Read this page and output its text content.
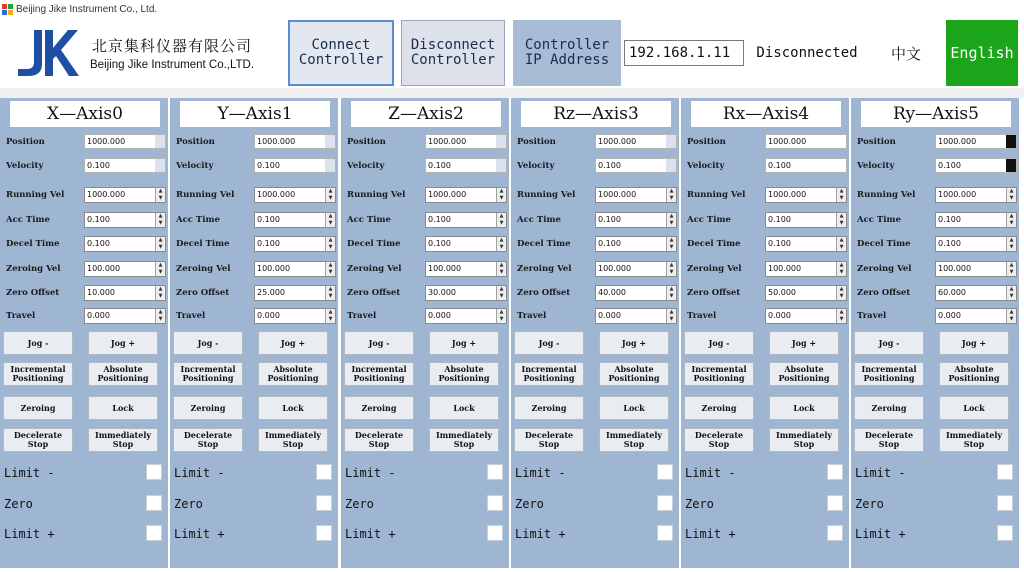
Beijing Jike Instrument Co., Ltd.
北京集科仪器有限公司
Beijing Jike Instrument Co.,LTD.
Connect
Controller
Disconnect
Controller
Controller
IP Address	192.168.1.11	Disconnected	中文	English
X—Axis0
Position	1000.000
Velocity	0.100
Running Vel	1000.000	▲
▼
Acc Time	0.100	▲
▼
Decel Time	0.100	▲
▼
Zeroing Vel	100.000	▲
▼
Zero Offset	10.000	▲
▼
Travel	0.000	▲
▼
Jog -	Jog +
Incremental
Positioning
Absolute
Positioning
Zeroing	Lock
Decelerate
Stop
Immediately
Stop
Limit -
Zero
Limit +
Y—Axis1
Position	1000.000
Velocity	0.100
Running Vel	1000.000	▲
▼
Acc Time	0.100	▲
▼
Decel Time	0.100	▲
▼
Zeroing Vel	100.000	▲
▼
Zero Offset	25.000	▲
▼
Travel	0.000	▲
▼
Jog -	Jog +
Incremental
Positioning
Absolute
Positioning
Zeroing	Lock
Decelerate
Stop
Immediately
Stop
Limit -
Zero
Limit +
Z—Axis2
Position	1000.000
Velocity	0.100
Running Vel	1000.000	▲
▼
Acc Time	0.100	▲
▼
Decel Time	0.100	▲
▼
Zeroing Vel	100.000	▲
▼
Zero Offset	30.000	▲
▼
Travel	0.000	▲
▼
Jog -	Jog +
Incremental
Positioning
Absolute
Positioning
Zeroing	Lock
Decelerate
Stop
Immediately
Stop
Limit -
Zero
Limit +
Rz—Axis3
Position	1000.000
Velocity	0.100
Running Vel	1000.000	▲
▼
Acc Time	0.100	▲
▼
Decel Time	0.100	▲
▼
Zeroing Vel	100.000	▲
▼
Zero Offset	40.000	▲
▼
Travel	0.000	▲
▼
Jog -	Jog +
Incremental
Positioning
Absolute
Positioning
Zeroing	Lock
Decelerate
Stop
Immediately
Stop
Limit -
Zero
Limit +
Rx—Axis4
Position	1000.000
Velocity	0.100
Running Vel	1000.000	▲
▼
Acc Time	0.100	▲
▼
Decel Time	0.100	▲
▼
Zeroing Vel	100.000	▲
▼
Zero Offset	50.000	▲
▼
Travel	0.000	▲
▼
Jog -	Jog +
Incremental
Positioning
Absolute
Positioning
Zeroing	Lock
Decelerate
Stop
Immediately
Stop
Limit -
Zero
Limit +
Ry—Axis5
Position	1000.000
Velocity	0.100
Running Vel	1000.000	▲
▼
Acc Time	0.100	▲
▼
Decel Time	0.100	▲
▼
Zeroing Vel	100.000	▲
▼
Zero Offset	60.000	▲
▼
Travel	0.000	▲
▼
Jog -	Jog +
Incremental
Positioning
Absolute
Positioning
Zeroing	Lock
Decelerate
Stop
Immediately
Stop
Limit -
Zero
Limit +
